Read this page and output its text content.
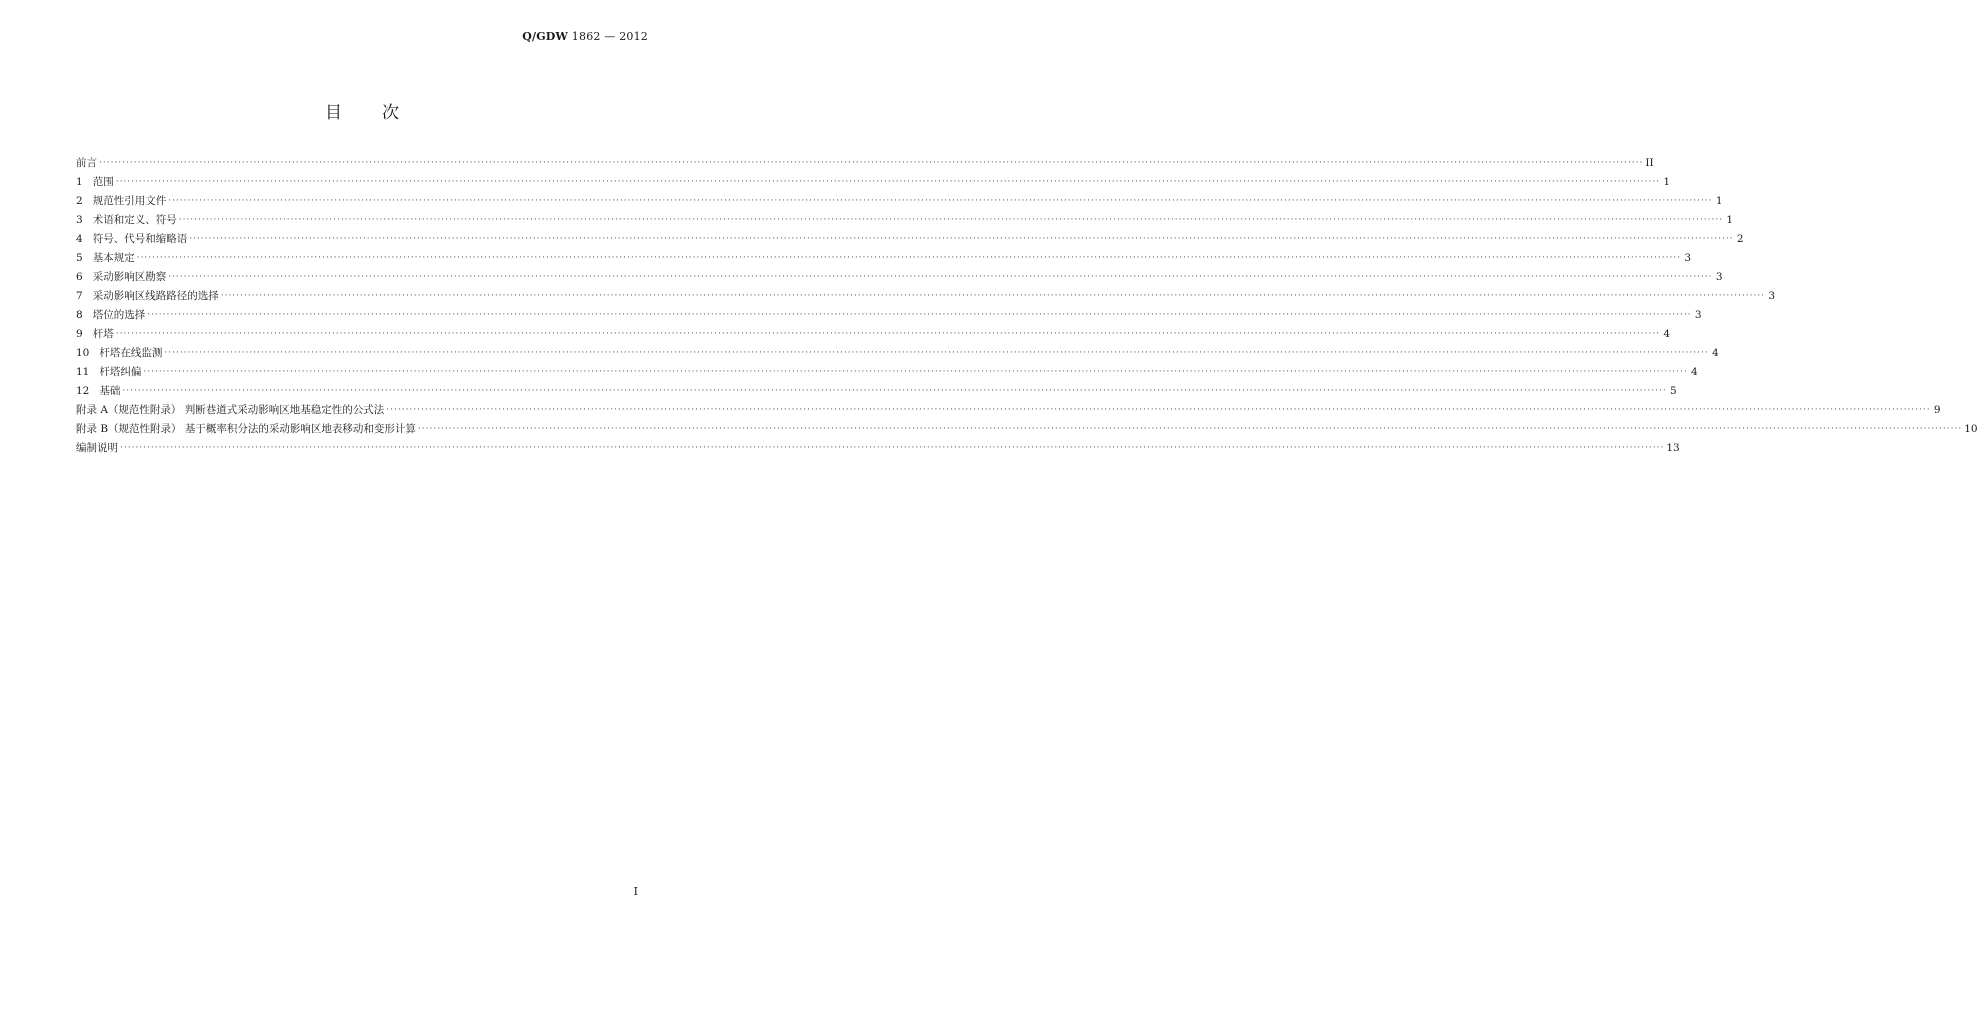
Q/GDW 1862 — 2012
目 次
前言 ················································································································································································································································································································································································································ II
1 范围 ················································································································································································································································································································································································································ 1
2 规范性引用文件 ················································································································································································································································································································································································································ 1
3 术语和定义、符号 ················································································································································································································································································································································································································ 1
4 符号、代号和缩略语 ················································································································································································································································································································································································································ 2
5 基本规定 ················································································································································································································································································································································································································ 3
6 采动影响区勘察 ················································································································································································································································································································································································································ 3
7 采动影响区线路路径的选择 ················································································································································································································································································································································································································ 3
8 塔位的选择 ················································································································································································································································································································································································································ 3
9 杆塔 ················································································································································································································································································································································································································ 4
10 杆塔在线监测 ················································································································································································································································································································································································································ 4
11 杆塔纠偏 ················································································································································································································································································································································································································ 4
12 基础 ················································································································································································································································································································································································································ 5
附录 A（规范性附录） 判断巷道式采动影响区地基稳定性的公式法 ················································································································································································································································································································································································································ 9
附录 B（规范性附录） 基于概率积分法的采动影响区地表移动和变形计算 ················································································································································································································································································································································································································ 10
编制说明 ················································································································································································································································································································································································································ 13
I
